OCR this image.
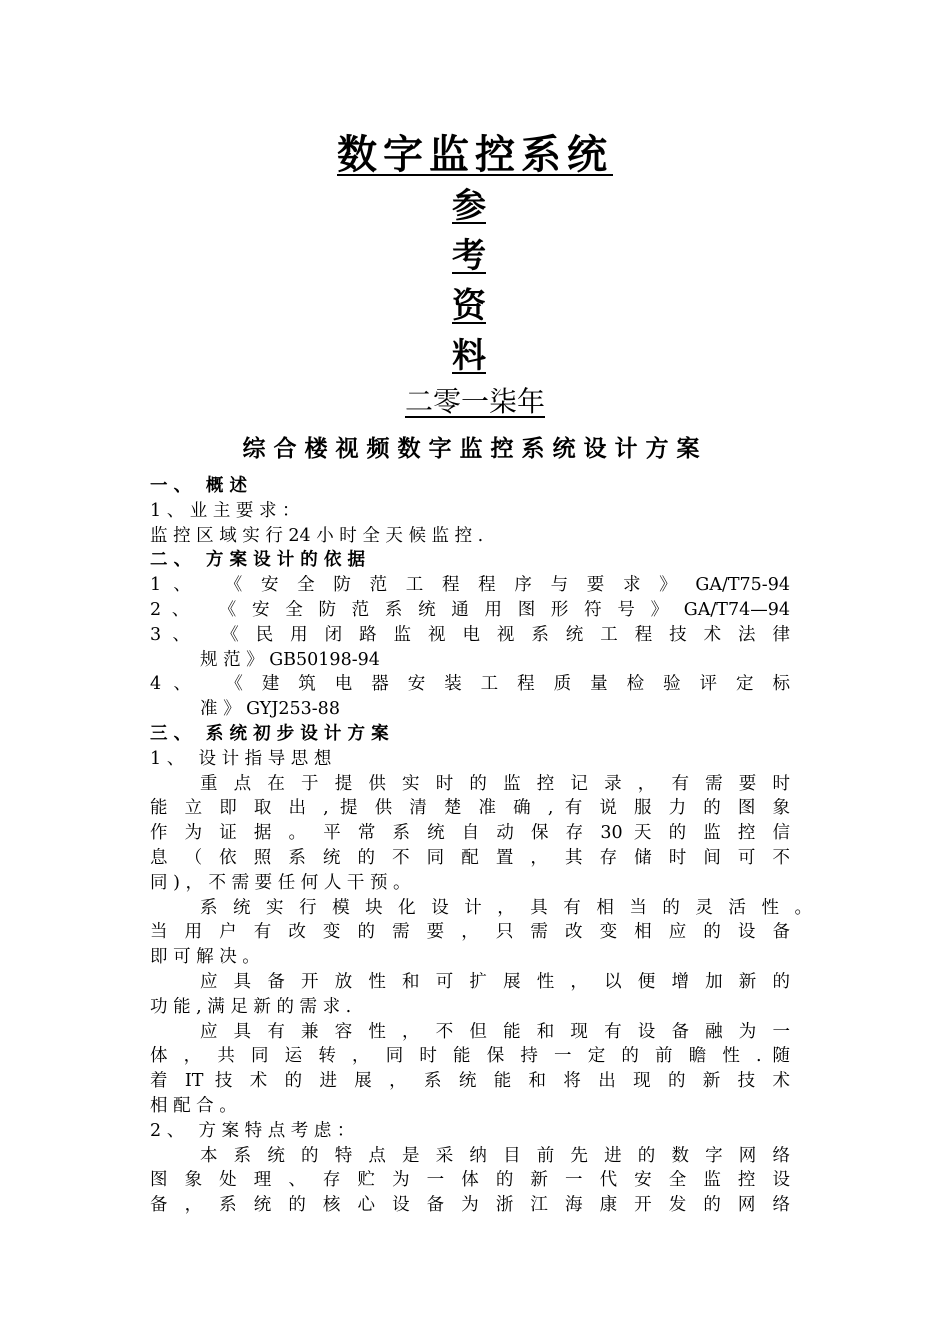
数字监控系统
参
考
资
料
二零一柒年
综合楼视频数字监控系统设计方案
一 、　 概 述
1 、 业 主 要 求 ：
监 控 区 域 实 行 24 小 时 全 天 候 监 控 .
二 、　 方 案 设 计 的 依 据
1 、　 《 安 全 防 范 工 程 程 序 与 要 求 》 GA/T75-94
2 、　 《 安 全 防 范 系 统 通 用 图 形 符 号 》 GA/T74—94
3 、　 《 民 用 闭 路 监 视 电 视 系 统 工 程 技 术 法 律
规 范 》 GB50198-94
4 、　 《 建 筑 电 器 安 装 工 程 质 量 检 验 评 定 标
准 》 GYJ253-88
三 、　 系 统 初 步 设 计 方 案
1 、　 设 计 指 导 思 想
重 点 在 于 提 供 实 时 的 监 控 记 录 ， 有 需 要 时
能 立 即 取 出 , 提 供 清 楚 准 确 , 有 说 服 力 的 图 象
作 为 证 据 。 平 常 系 统 自 动 保 存 30 天 的 监 控 信
息 （ 依 照 系 统 的 不 同 配 置 ， 其 存 储 时 间 可 不
同 ) ， 不 需 要 任 何 人 干 预 。
系 统 实 行 模 块 化 设 计 ， 具 有 相 当 的 灵 活 性 。
当 用 户 有 改 变 的 需 要 ， 只 需 改 变 相 应 的 设 备
即 可 解 决 。
应 具 备 开 放 性 和 可 扩 展 性 ， 以 便 增 加 新 的
功 能 , 满 足 新 的 需 求 .
应 具 有 兼 容 性 ， 不 但 能 和 现 有 设 备 融 为 一
体 ， 共 同 运 转 ， 同 时 能 保 持 一 定 的 前 瞻 性 . 随
着 IT 技 术 的 进 展 ， 系 统 能 和 将 出 现 的 新 技 术
相 配 合 。
2 、　 方 案 特 点 考 虑 ：
本 系 统 的 特 点 是 采 纳 目 前 先 进 的 数 字 网 络
图 象 处 理 、 存 贮 为 一 体 的 新 一 代 安 全 监 控 设
备 ， 系 统 的 核 心 设 备 为 浙 江 海 康 开 发 的 网 络
